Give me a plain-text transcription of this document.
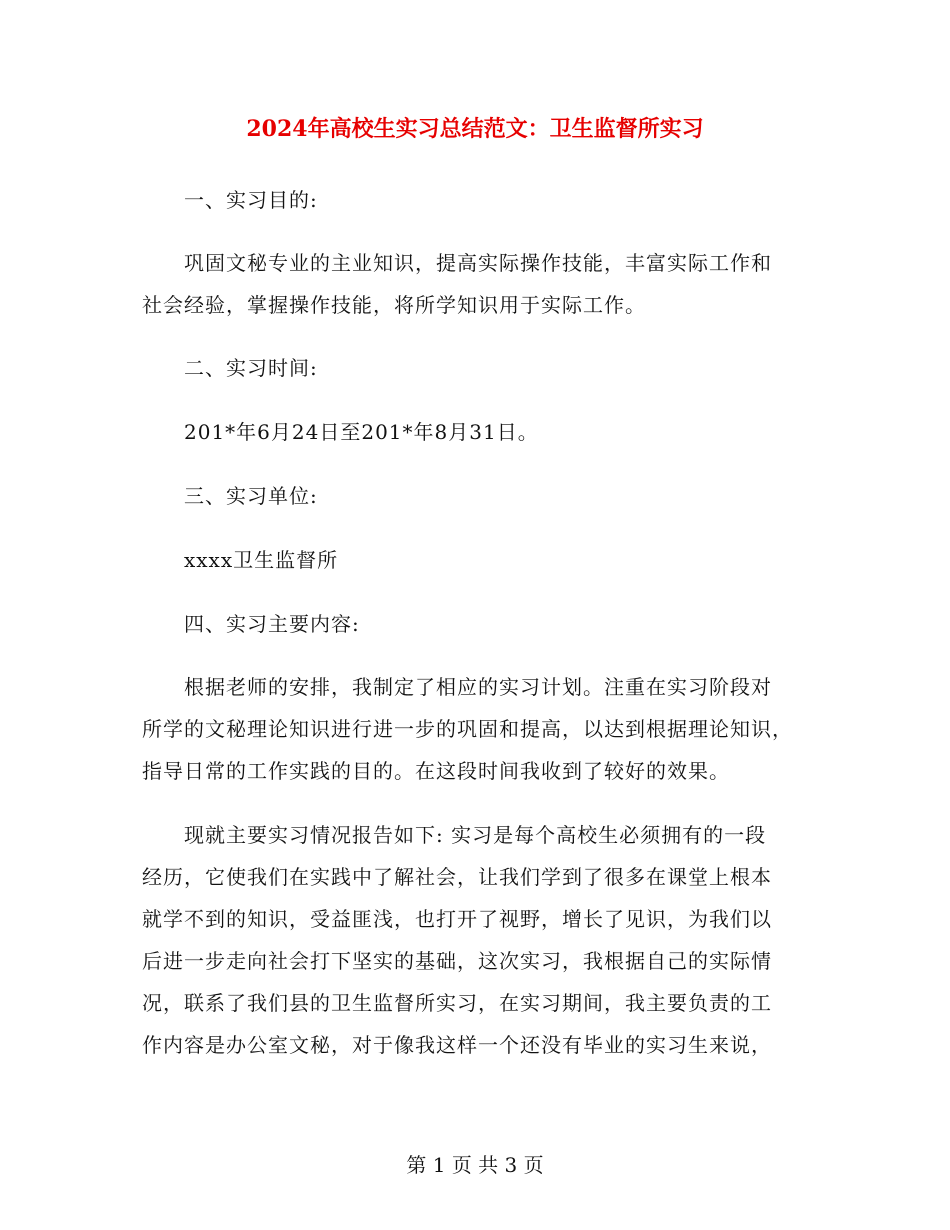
2024年高校生实习总结范文：卫生监督所实习
一、实习目的:
巩固文秘专业的主业知识，提高实际操作技能，丰富实际工作和
社会经验，掌握操作技能，将所学知识用于实际工作。
二、实习时间:
201*年6月24日至201*年8月31日。
三、实习单位:
xxxx卫生监督所
四、实习主要内容:
根据老师的安排，我制定了相应的实习计划。注重在实习阶段对
所学的文秘理论知识进行进一步的巩固和提高，以达到根据理论知识，
指导日常的工作实践的目的。在这段时间我收到了较好的效果。
现就主要实习情况报告如下: 实习是每个高校生必须拥有的一段
经历，它使我们在实践中了解社会，让我们学到了很多在课堂上根本
就学不到的知识，受益匪浅，也打开了视野，增长了见识，为我们以
后进一步走向社会打下坚实的基础，这次实习，我根据自己的实际情
况，联系了我们县的卫生监督所实习，在实习期间，我主要负责的工
作内容是办公室文秘，对于像我这样一个还没有毕业的实习生来说，
第 1 页 共 3 页
